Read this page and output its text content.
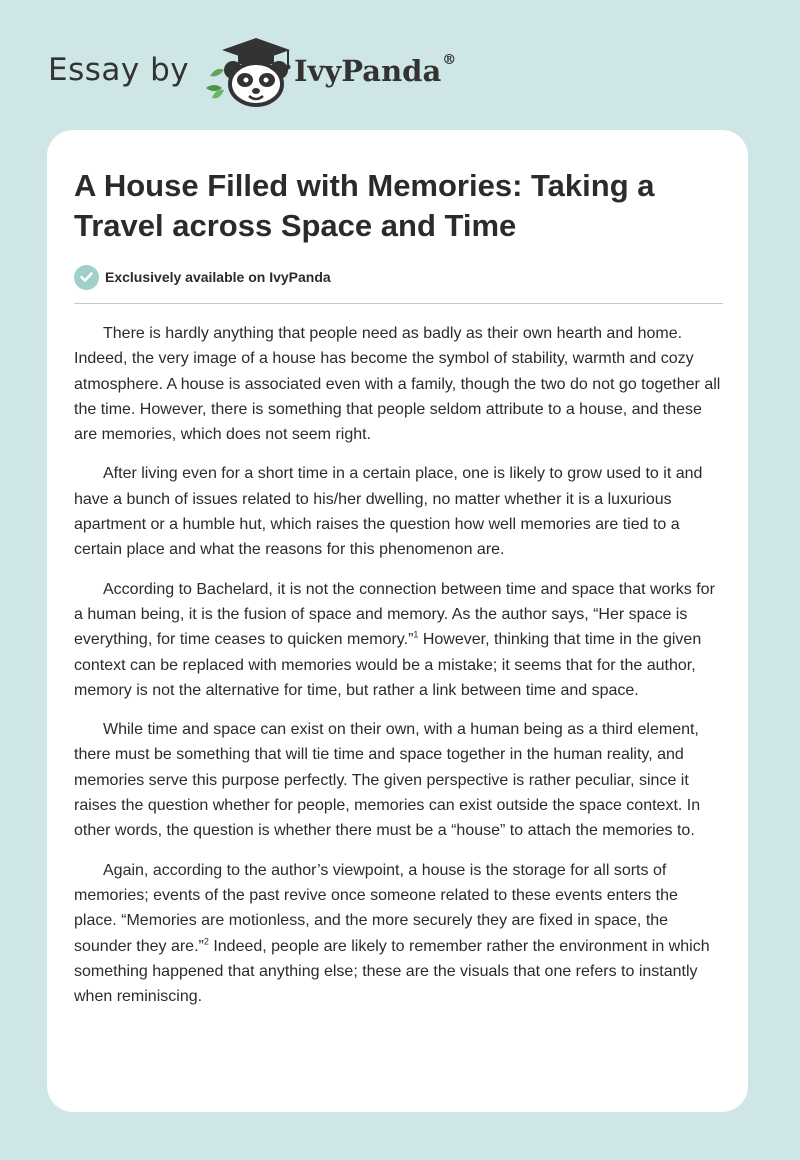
Essay by	IvyPanda®
A House Filled with Memories: Taking a Travel across Space and Time
Exclusively available on IvyPanda

There is hardly anything that people need as badly as their own hearth and home. Indeed, the very image of a house has become the symbol of stability, warmth and cozy atmosphere. A house is associated even with a family, though the two do not go together all the time. However, there is something that people seldom attribute to a house, and these are memories, which does not seem right.

After living even for a short time in a certain place, one is likely to grow used to it and have a bunch of issues related to his/her dwelling, no matter whether it is a luxurious apartment or a humble hut, which raises the question how well memories are tied to a certain place and what the reasons for this phenomenon are.

According to Bachelard, it is not the connection between time and space that works for a human being, it is the fusion of space and memory. As the author says, “Her space is everything, for time ceases to quicken memory.”$^1$ However, thinking that time in the given context can be replaced with memories would be a mistake; it seems that for the author, memory is not the alternative for time, but rather a link between time and space.

While time and space can exist on their own, with a human being as a third element, there must be something that will tie time and space together in the human reality, and memories serve this purpose perfectly. The given perspective is rather peculiar, since it raises the question whether for people, memories can exist outside the space context. In other words, the question is whether there must be a “house” to attach the memories to.

Again, according to the author’s viewpoint, a house is the storage for all sorts of memories; events of the past revive once someone related to these events enters the place. “Memories are motionless, and the more securely they are fixed in space, the sounder they are.”$^2$ Indeed, people are likely to remember rather the environment in which something happened that anything else; these are the visuals that one refers to instantly when reminiscing.
